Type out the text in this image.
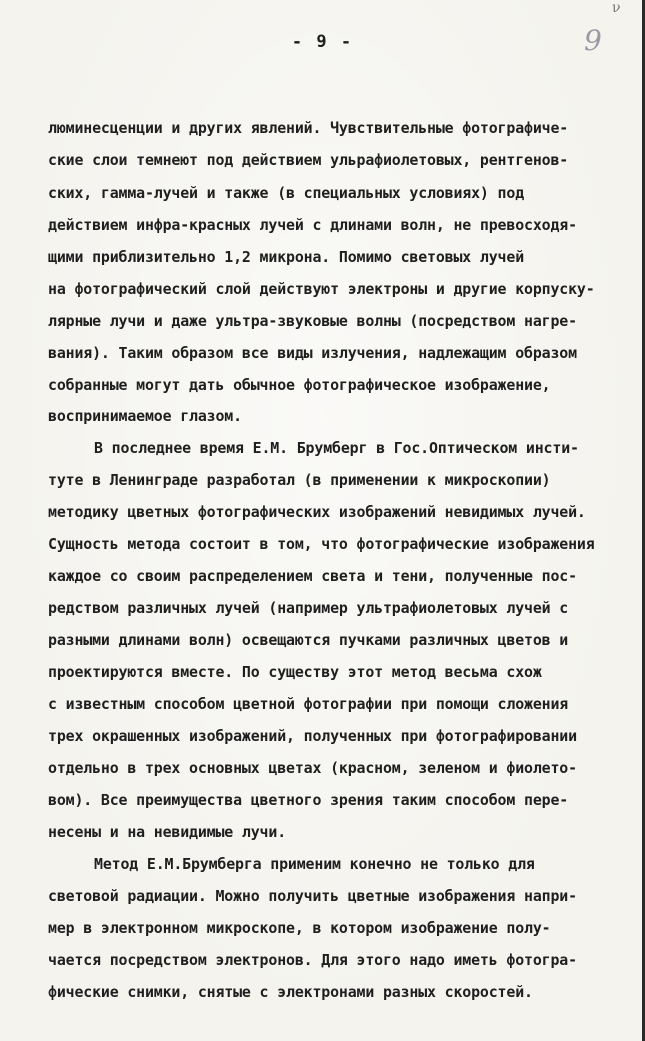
ν
- 9 -	9
люминесценции и других явлений. Чувствительные фотографиче-
ские слои темнеют под действием ульрафиолетовых, рентгенов-
ских, гамма-лучей и также (в специальных условиях) под
действием инфра-красных лучей с длинами волн, не превосходя-
щими приблизительно 1,2 микрона. Помимо световых лучей
на фотографический слой действуют электроны и другие корпуску-
лярные лучи и даже ультра-звуковые волны (посредством нагре-
вания). Таким образом все виды излучения, надлежащим образом
собранные могут дать обычное фотографическое изображение,
воспринимаемое глазом.
В последнее время Е.М. Брумберг в Гос.Оптическом инсти-
туте в Ленинграде разработал (в применении к микроскопии)
методику цветных фотографических изображений невидимых лучей.
Сущность метода состоит в том, что фотографические изображения
каждое со своим распределением света и тени, полученные пос-
редством различных лучей (например ультрафиолетовых лучей с
разными длинами волн) освещаются пучками различных цветов и
проектируются вместе. По существу этот метод весьма схож
с известным способом цветной фотографии при помощи сложения
трех окрашенных изображений, полученных при фотографировании
отдельно в трех основных цветах (красном, зеленом и фиолето-
вом). Все преимущества цветного зрения таким способом пере-
несены и на невидимые лучи.
Метод Е.М.Брумберга применим конечно не только для
световой радиации. Можно получить цветные изображения напри-
мер в электронном микроскопе, в котором изображение полу-
чается посредством электронов. Для этого надо иметь фотогра-
фические снимки, снятые с электронами разных скоростей.
